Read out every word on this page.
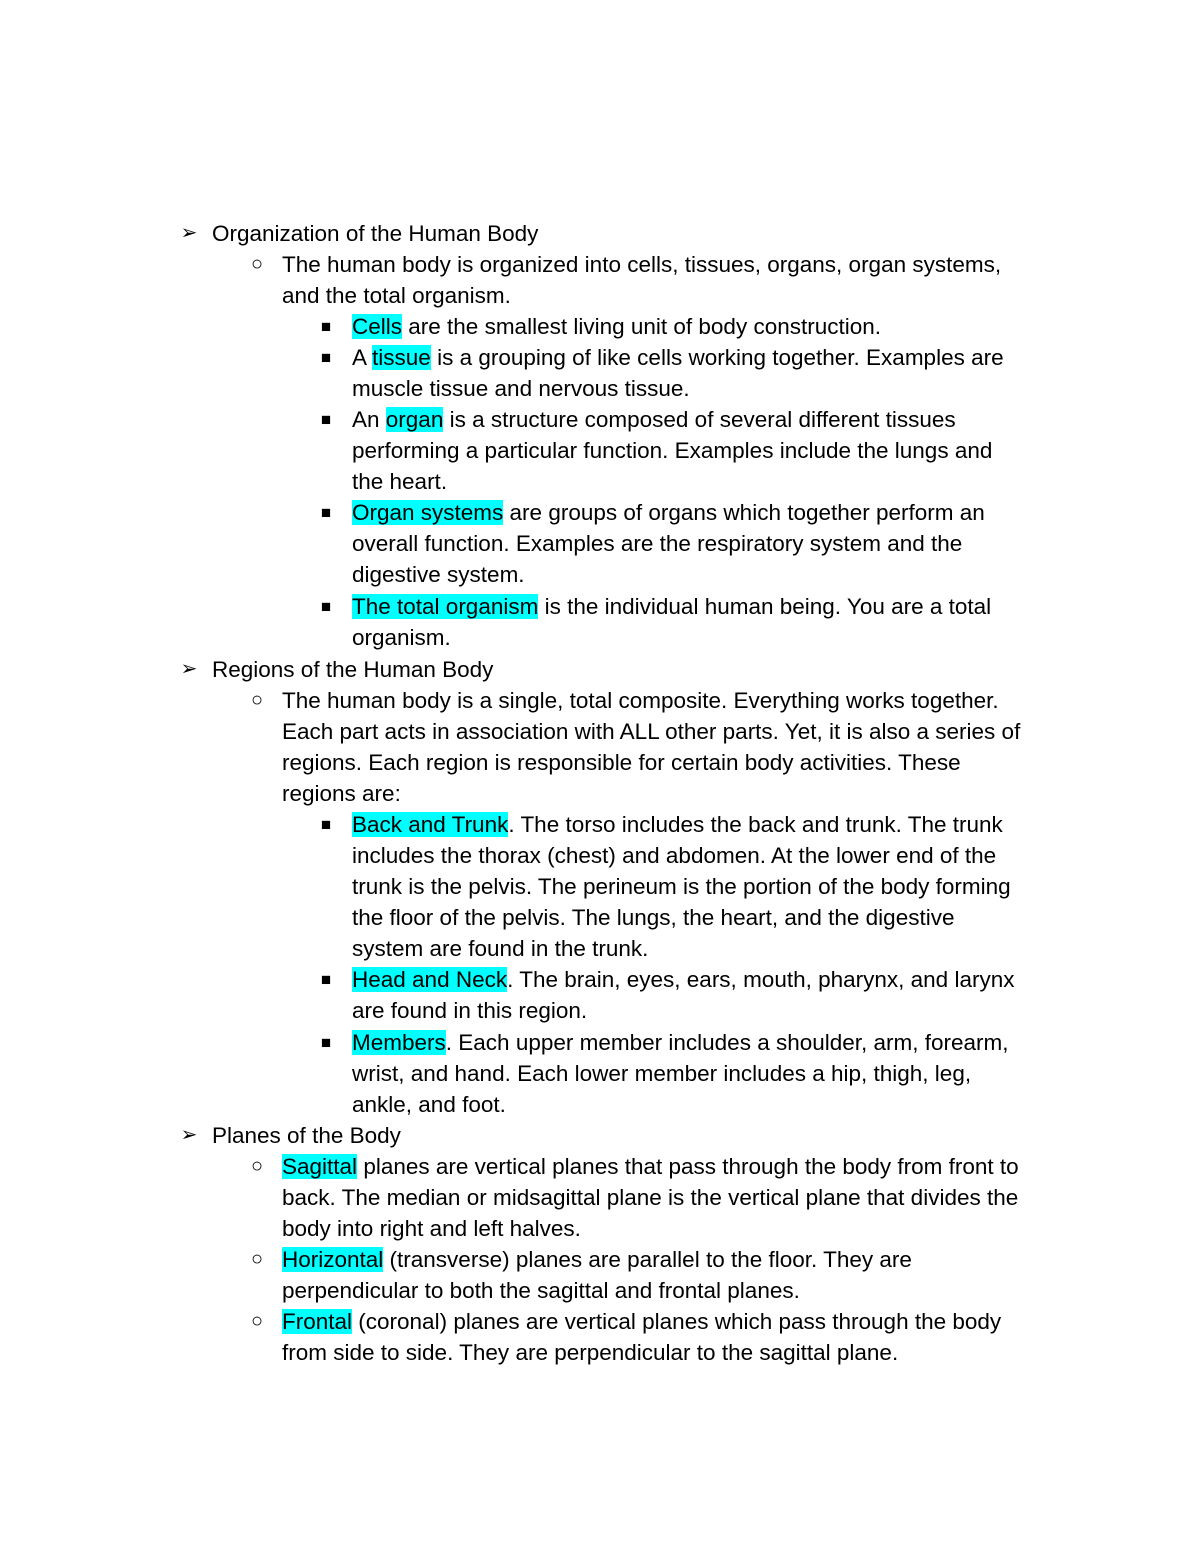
➢ Organization of the Human Body
○ The human body is organized into cells, tissues, organs, organ systems,
and the total organism.
■ Cells are the smallest living unit of body construction.
■ A tissue is a grouping of like cells working together. Examples are
muscle tissue and nervous tissue.
■ An organ is a structure composed of several different tissues
performing a particular function. Examples include the lungs and
the heart.
■ Organ systems are groups of organs which together perform an
overall function. Examples are the respiratory system and the
digestive system.
■ The total organism is the individual human being. You are a total
organism.
➢ Regions of the Human Body
○ The human body is a single, total composite. Everything works together.
Each part acts in association with ALL other parts. Yet, it is also a series of
regions. Each region is responsible for certain body activities. These
regions are:
■ Back and Trunk. The torso includes the back and trunk. The trunk
includes the thorax (chest) and abdomen. At the lower end of the
trunk is the pelvis. The perineum is the portion of the body forming
the floor of the pelvis. The lungs, the heart, and the digestive
system are found in the trunk.
■ Head and Neck. The brain, eyes, ears, mouth, pharynx, and larynx
are found in this region.
■ Members. Each upper member includes a shoulder, arm, forearm,
wrist, and hand. Each lower member includes a hip, thigh, leg,
ankle, and foot.
➢ Planes of the Body
○ Sagittal planes are vertical planes that pass through the body from front to
back. The median or midsagittal plane is the vertical plane that divides the
body into right and left halves.
○ Horizontal (transverse) planes are parallel to the floor. They are
perpendicular to both the sagittal and frontal planes.
○ Frontal (coronal) planes are vertical planes which pass through the body
from side to side. They are perpendicular to the sagittal plane.
